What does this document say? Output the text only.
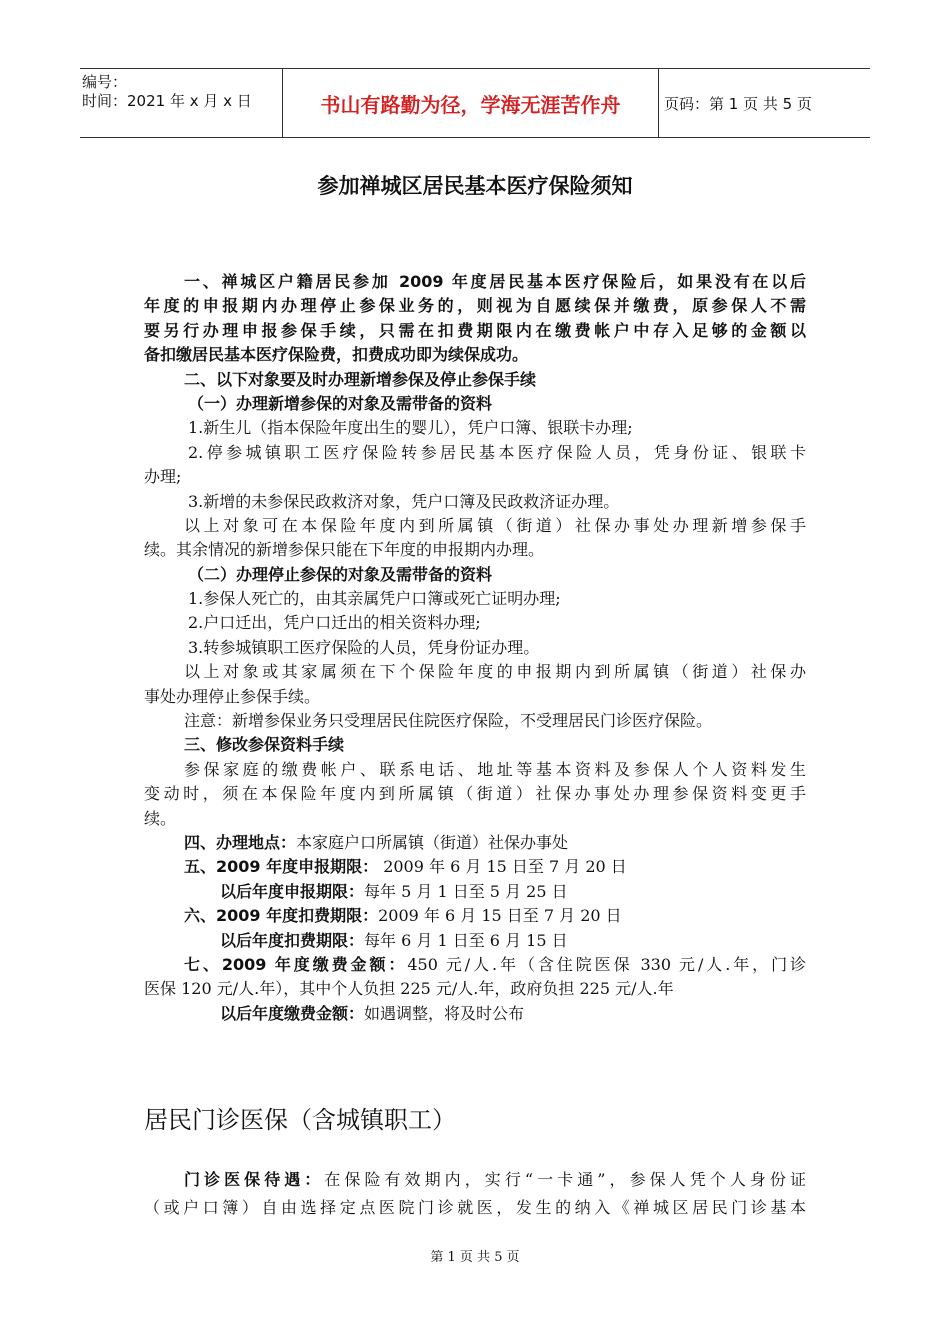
编号：
时间：2021 年 x 月 x 日	书山有路勤为径，学海无涯苦作舟	页码：第 1 页 共 5 页
参加禅城区居民基本医疗保险须知
一、禅城区户籍居民参加 2009 年度居民基本医疗保险后，如果没有在以后
年度的申报期内办理停止参保业务的，则视为自愿续保并缴费，原参保人不需
要另行办理申报参保手续，只需在扣费期限内在缴费帐户中存入足够的金额以
备扣缴居民基本医疗保险费，扣费成功即为续保成功。
二、以下对象要及时办理新增参保及停止参保手续
（一）办理新增参保的对象及需带备的资料
1.新生儿（指本保险年度出生的婴儿），凭户口簿、银联卡办理;
2.停参城镇职工医疗保险转参居民基本医疗保险人员，凭身份证、银联卡
办理;
3.新增的未参保民政救济对象，凭户口簿及民政救济证办理。
以上对象可在本保险年度内到所属镇（街道）社保办事处办理新增参保手
续。其余情况的新增参保只能在下年度的申报期内办理。
（二）办理停止参保的对象及需带备的资料
1.参保人死亡的，由其亲属凭户口簿或死亡证明办理;
2.户口迁出，凭户口迁出的相关资料办理;
3.转参城镇职工医疗保险的人员，凭身份证办理。
以上对象或其家属须在下个保险年度的申报期内到所属镇（街道）社保办
事处办理停止参保手续。
注意：新增参保业务只受理居民住院医疗保险，不受理居民门诊医疗保险。
三、修改参保资料手续
参保家庭的缴费帐户、联系电话、地址等基本资料及参保人个人资料发生
变动时，须在本保险年度内到所属镇（街道）社保办事处办理参保资料变更手
续。
四、办理地点：本家庭户口所属镇（街道）社保办事处
五、2009 年度申报期限： 2009 年 6 月 15 日至 7 月 20 日
以后年度申报期限：每年 5 月 1 日至 5 月 25 日
六、2009 年度扣费期限：2009 年 6 月 15 日至 7 月 20 日
以后年度扣费期限：每年 6 月 1 日至 6 月 15 日
七、2009 年度缴费金额：450 元/人.年（含住院医保 330 元/人.年，门诊
医保 120 元/人.年），其中个人负担 225 元/人.年，政府负担 225 元/人.年
以后年度缴费金额：如遇调整，将及时公布
居民门诊医保（含城镇职工）
门诊医保待遇：在保险有效期内，实行“一卡通”，参保人凭个人身份证
（或户口簿）自由选择定点医院门诊就医，发生的纳入《禅城区居民门诊基本
第 1 页 共 5 页
